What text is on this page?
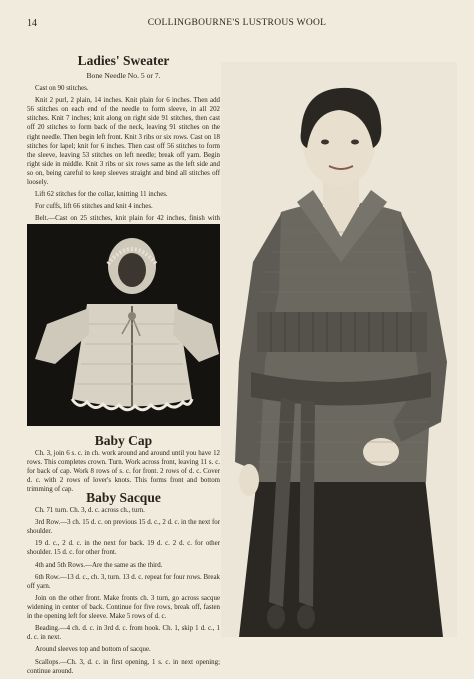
14	COLLINGBOURNE'S LUSTROUS WOOL
Ladies' Sweater
Bone Needle No. 5 or 7.

Cast on 90 stitches.

Knit 2 purl, 2 plain, 14 inches. Knit plain for 6 inches. Then add 56 stitches on each end of the needle to form sleeve, in all 202 stitches. Knit 7 inches; knit along on right side 91 stitches, then cast off 20 stitches to form back of the neck, leaving 91 stitches on the right needle. Then begin left front. Knit 3 ribs or six rows. Cast on 18 stitches for lapel; knit for 6 inches. Then cast off 56 stitches to form the sleeve, leaving 53 stitches on left needle; break off yarn. Begin right side in middle. Knit 3 ribs or six rows same as the left side and so on, being careful to keep sleeves straight and bind all stitches off loosely.

Lift 62 stitches for the collar, knitting 11 inches.

For cuffs, lift 66 stitches and knit 4 inches.

Belt.—Cast on 25 stitches, knit plain for 42 inches, finish with

Baby Cap

Ch. 3, join 6 s. c. in ch. work around and around until you have 12 rows. This completes crown. Turn. Work across front, leaving 11 s. c. for back of cap. Work 8 rows of s. c. for front. 2 rows of d. c. Cover d. c. with 2 rows of lover's knots. This forms front and bottom trimming of cap.

Baby Sacque

Ch. 71 turn. Ch. 3, d. c. across ch., turn.

3rd Row.—3 ch. 15 d. c. on previous 15 d. c., 2 d. c. in the next for shoulder.

19 d. c., 2 d. c. in the next for back. 19 d. c. 2 d. c. for other shoulder. 15 d. c. for other front.

4th and 5th Rows.—Are the same as the third.

6th Row.—13 d. c., ch. 3, turn. 13 d. c. repeat for four rows. Break off yarn.

Join on the other front. Make fronts ch. 3 turn, go across sacque widening in center of back. Continue for five rows, break off, fasten in the opening left for sleeve. Make 5 rows of d. c.

Beading.—4 ch. d. c. in 3rd d. c. from hook. Ch. 1, skip 1 d. c., 1 d. c. in next.

Around sleeves top and bottom of sacque.

Scallops.—Ch. 3, d. c. in first opening, 1 s. c. in next opening; continue around.
